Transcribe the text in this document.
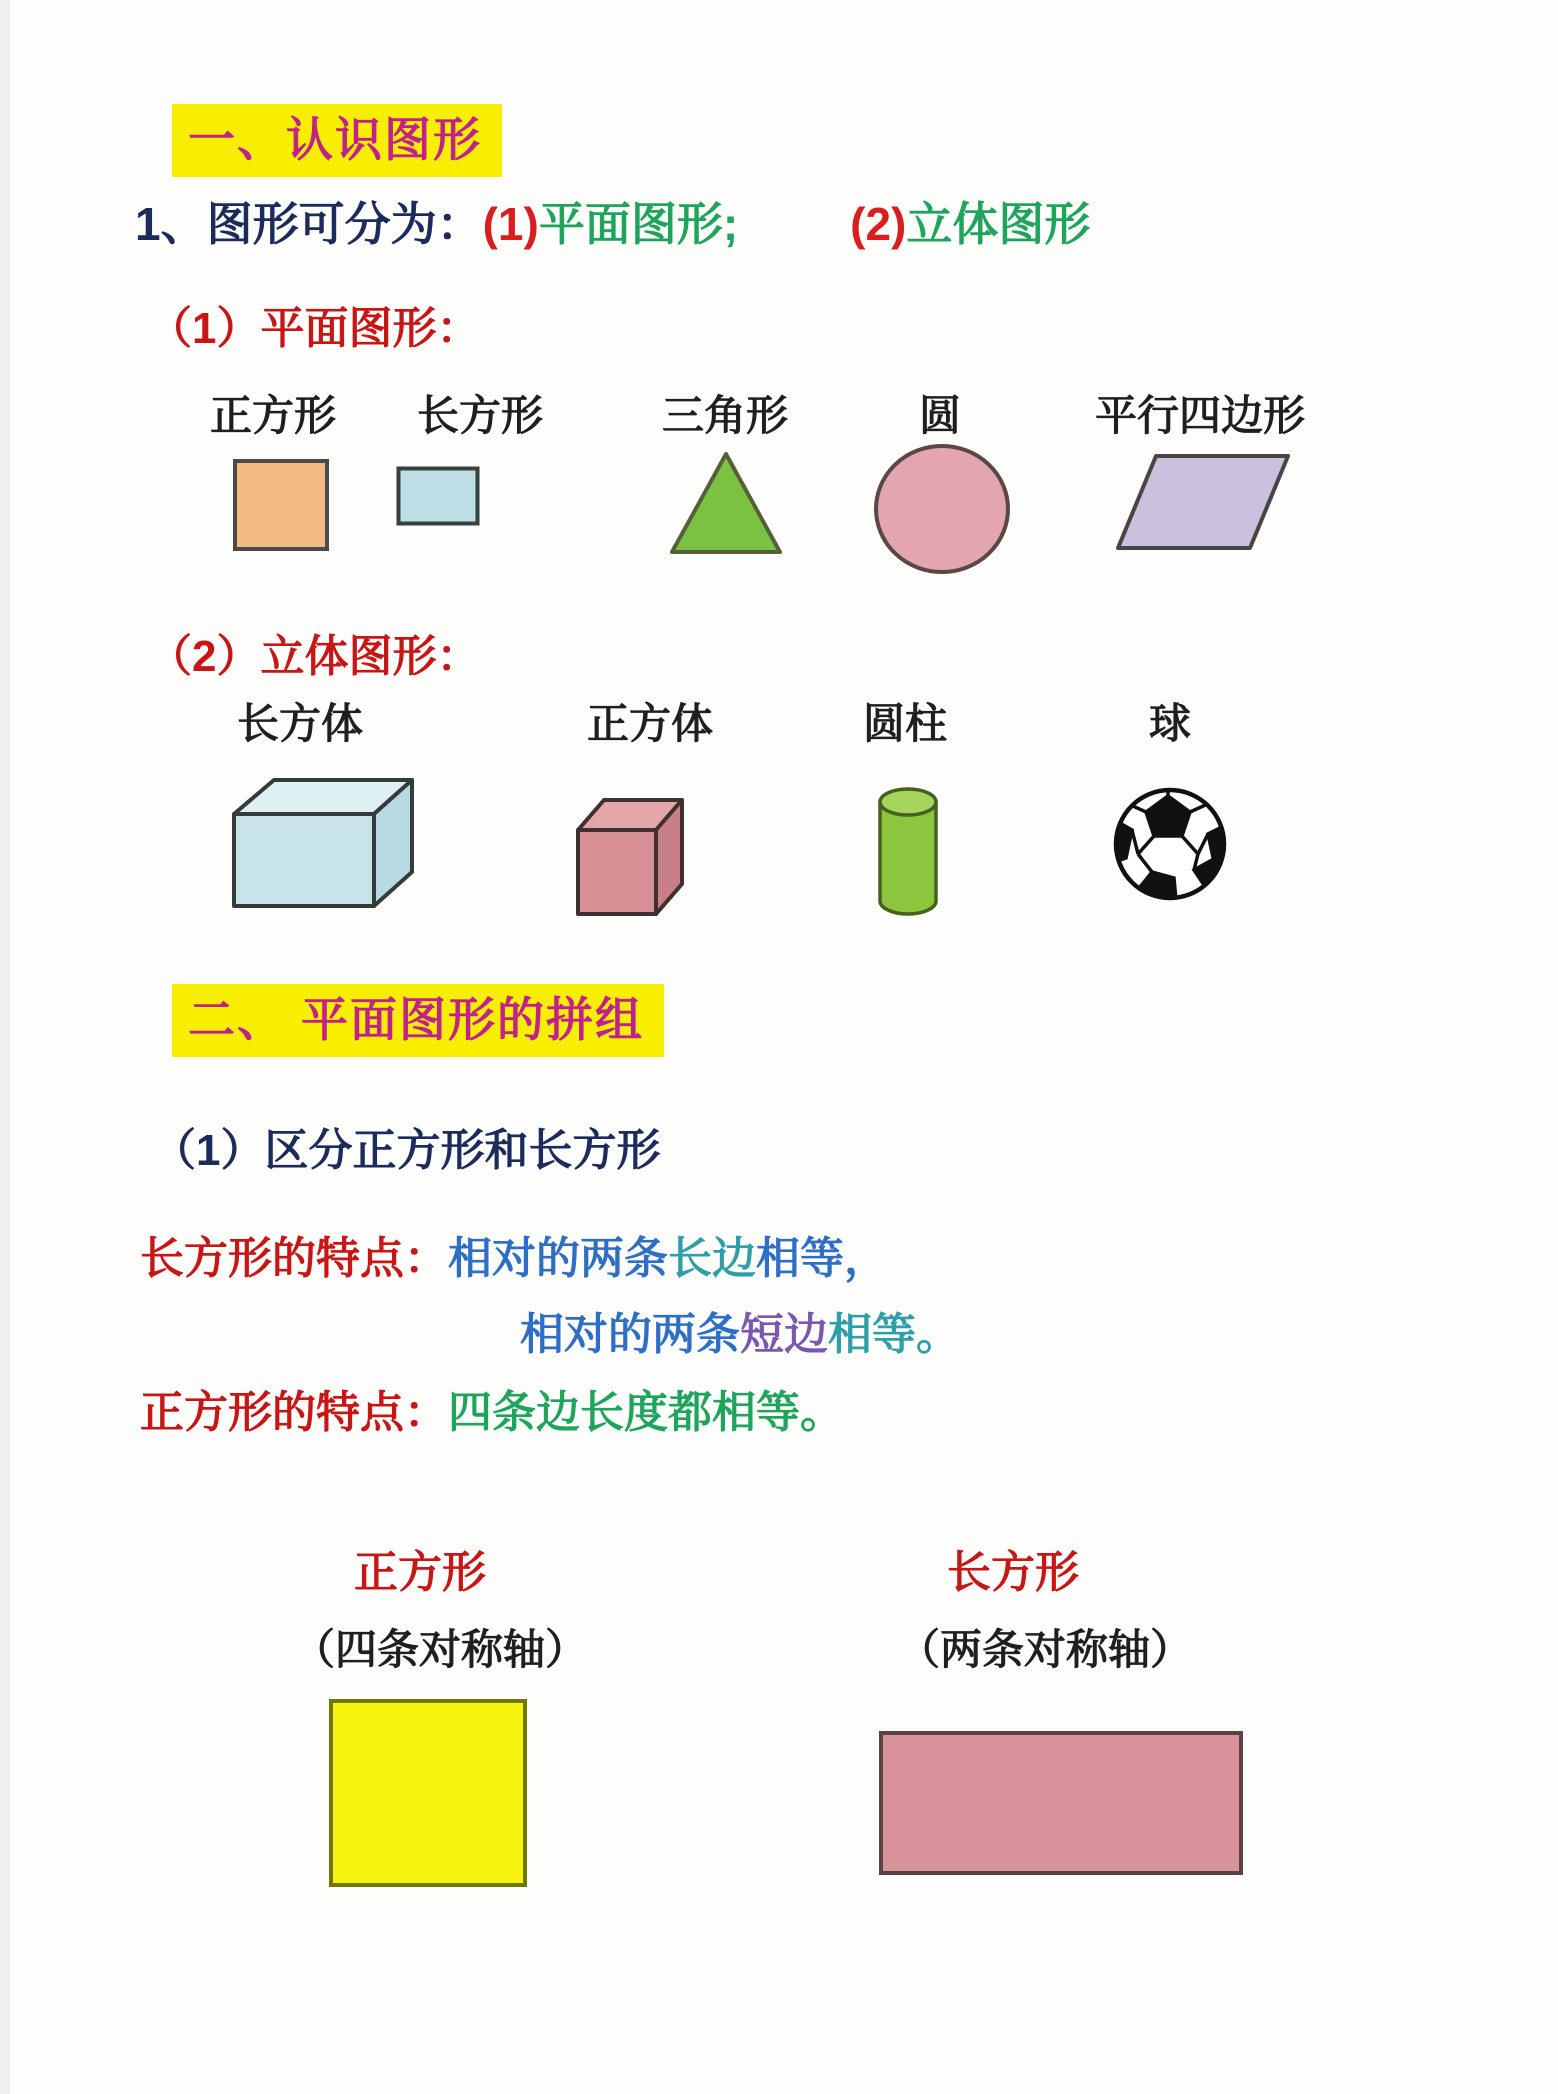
一、认识图形
1、图形可分为：(1)平面图形; (2)立体图形
（1）平面图形：
正方形 长方形	三角形	圆	平行四边形
（2）立体图形：
长方体	正方体	圆柱	球
二、 平面图形的拼组
（1）区分正方形和长方形
长方形的特点：相对的两条长边相等，
相对的两条短边相等。
正方形的特点：四条边长度都相等。
正方形	长方形
（四条对称轴）	（两条对称轴）
